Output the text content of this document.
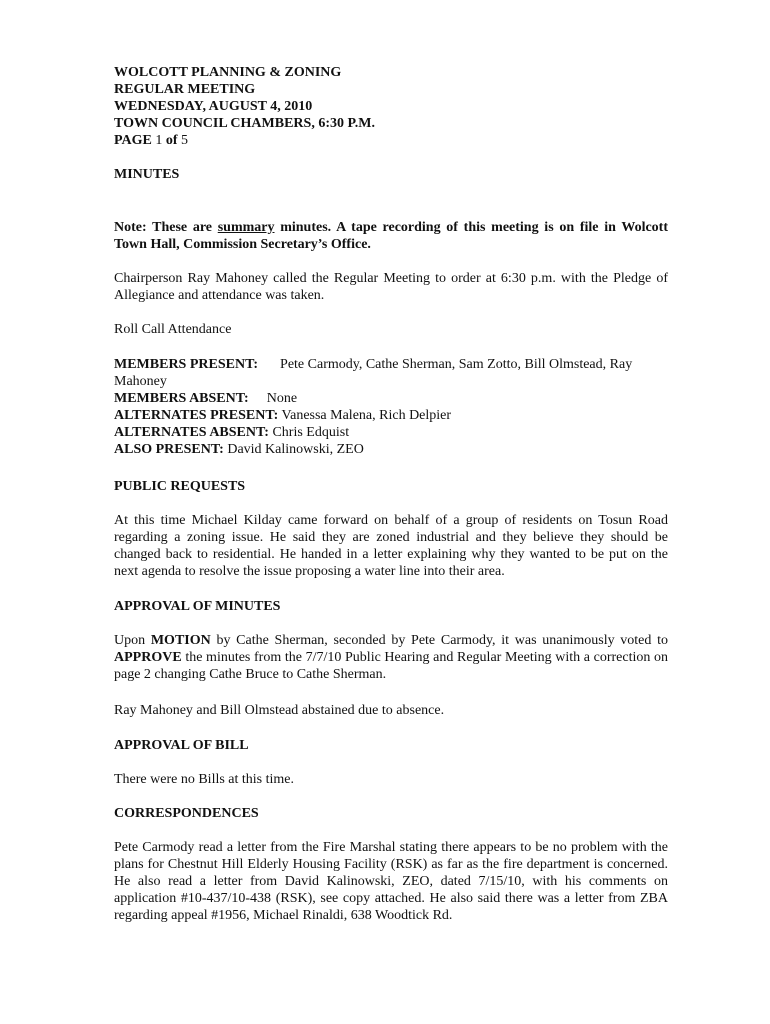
WOLCOTT PLANNING & ZONING
REGULAR MEETING
WEDNESDAY, AUGUST 4, 2010
TOWN COUNCIL CHAMBERS, 6:30 P.M.
PAGE 1 of 5
MINUTES
Note: These are summary minutes. A tape recording of this meeting is on file in Wolcott Town Hall, Commission Secretary’s Office.
Chairperson Ray Mahoney called the Regular Meeting to order at 6:30 p.m. with the Pledge of Allegiance and attendance was taken.
Roll Call Attendance
MEMBERS PRESENT: Pete Carmody, Cathe Sherman, Sam Zotto, Bill Olmstead, Ray
Mahoney
MEMBERS ABSENT: None
ALTERNATES PRESENT: Vanessa Malena, Rich Delpier
ALTERNATES ABSENT: Chris Edquist
ALSO PRESENT: David Kalinowski, ZEO
PUBLIC REQUESTS
At this time Michael Kilday came forward on behalf of a group of residents on Tosun Road regarding a zoning issue. He said they are zoned industrial and they believe they should be changed back to residential. He handed in a letter explaining why they wanted to be put on the next agenda to resolve the issue proposing a water line into their area.
APPROVAL OF MINUTES
Upon MOTION by Cathe Sherman, seconded by Pete Carmody, it was unanimously voted to APPROVE the minutes from the 7/7/10 Public Hearing and Regular Meeting with a correction on page 2 changing Cathe Bruce to Cathe Sherman.
Ray Mahoney and Bill Olmstead abstained due to absence.
APPROVAL OF BILL
There were no Bills at this time.
CORRESPONDENCES
Pete Carmody read a letter from the Fire Marshal stating there appears to be no problem with the plans for Chestnut Hill Elderly Housing Facility (RSK) as far as the fire department is concerned. He also read a letter from David Kalinowski, ZEO, dated 7/15/10, with his comments on application #10-437/10-438 (RSK), see copy attached. He also said there was a letter from ZBA regarding appeal #1956, Michael Rinaldi, 638 Woodtick Rd.
